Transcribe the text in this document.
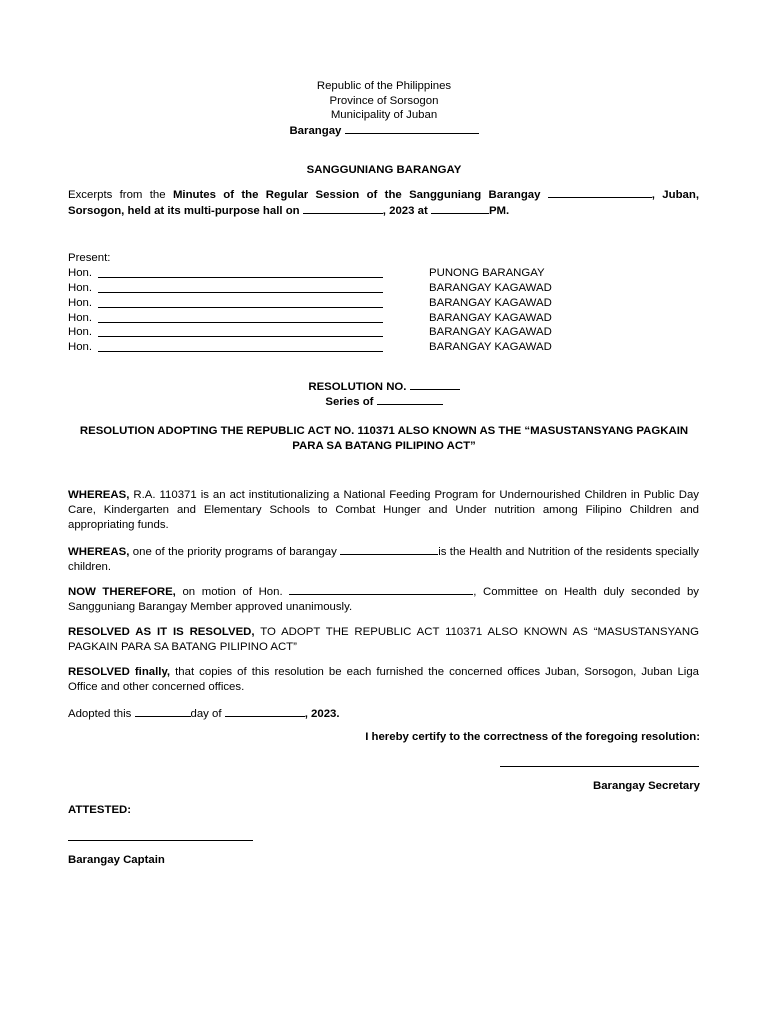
Republic of the Philippines
Province of Sorsogon
Municipality of Juban
Barangay
SANGGUNIANG BARANGAY
Excerpts from the Minutes of the Regular Session of the Sangguniang Barangay	, Juban, Sorsogon, held at its multi-purpose hall on	, 2023 at	PM.
Present:
Hon.	PUNONG BARANGAY
Hon.	BARANGAY KAGAWAD
Hon.	BARANGAY KAGAWAD
Hon.	BARANGAY KAGAWAD
Hon.	BARANGAY KAGAWAD
Hon.	BARANGAY KAGAWAD
RESOLUTION NO.
Series of
RESOLUTION ADOPTING THE REPUBLIC ACT NO. 110371 ALSO KNOWN AS THE “MASUSTANSYANG PAGKAIN
PARA SA BATANG PILIPINO ACT”
WHEREAS, R.A. 110371 is an act institutionalizing a National Feeding Program for Undernourished Children in Public Day Care, Kindergarten and Elementary Schools to Combat Hunger and Under nutrition among Filipino Children and appropriating funds.
WHEREAS, one of the priority programs of barangay	is the Health and Nutrition of the residents specially children.
NOW THEREFORE, on motion of Hon.	, Committee on Health duly seconded by Sangguniang Barangay Member approved unanimously.
RESOLVED AS IT IS RESOLVED, TO ADOPT THE REPUBLIC ACT 110371 ALSO KNOWN AS “MASUSTANSYANG PAGKAIN PARA SA BATANG PILIPINO ACT”
RESOLVED finally, that copies of this resolution be each furnished the concerned offices Juban, Sorsogon, Juban Liga Office and other concerned offices.
Adopted this	day of	, 2023.
I hereby certify to the correctness of the foregoing resolution:
Barangay Secretary
ATTESTED:
Barangay Captain
